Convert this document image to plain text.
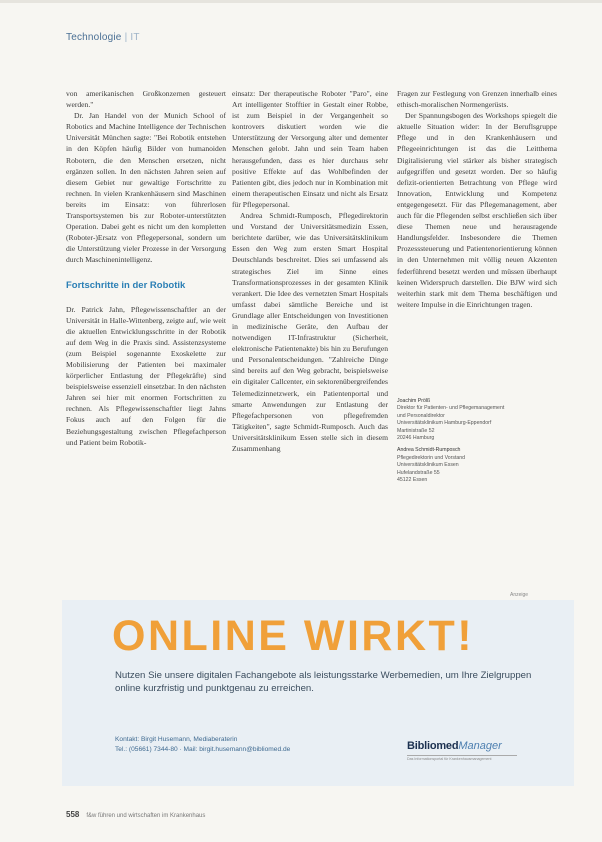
Technologie | IT

von amerikanischen Großkonzernen gesteuert werden."

Dr. Jan Handel von der Munich School of Robotics and Machine Intelligence der Technischen Universität München sagte: "Bei Robotik entstehen in den Köpfen häufig Bilder von humanoiden Robotern, die den Menschen ersetzen, nicht ergänzen sollen. In den nächsten Jahren seien auf diesem Gebiet nur gewaltige Fortschritte zu rechnen. In vielen Krankenhäusern sind Maschinen bereits im Einsatz: von führerlosen Transportsystemen bis zur Roboter-unterstützten Operation. Dabei geht es nicht um den kompletten (Roboter-)Ersatz von Pflegepersonal, sondern um die Unterstützung vieler Prozesse in der Versorgung durch Maschinenintelligenz.

Fortschritte in der Robotik

Dr. Patrick Jahn, Pflegewissenschaftler an der Universität in Halle-Wittenberg, zeigte auf, wie weit die aktuellen Entwicklungsschritte in der Robotik auf dem Weg in die Praxis sind. Assistenzsysteme (zum Beispiel sogenannte Exoskelette zur Mobilisierung der Patienten bei maximaler körperlicher Entlastung der Pflegekräfte) sind beispielsweise essenziell einsetzbar. In den nächsten Jahren sei hier mit enormen Fortschritten zu rechnen. Als Pflegewissenschaftler liegt Jahns Fokus auch auf den Folgen für die Beziehungsgestaltung zwischen Pflegefachperson und Patient beim Robotik-

einsatz: Der therapeutische Roboter "Paro", eine Art intelligenter Stofftier in Gestalt einer Robbe, ist zum Beispiel in der Vergangenheit so kontrovers diskutiert worden wie die Unterstützung der Versorgung alter und dementer Menschen gelobt. Jahn und sein Team haben herausgefunden, dass es hier durchaus sehr positive Effekte auf das Wohlbefinden der Patienten gibt, dies jedoch nur in Kombination mit einem therapeutischen Einsatz und nicht als Ersatz für Pflegepersonal.

Andrea Schmidt-Rumposch, Pflegedirektorin und Vorstand der Universitätsmedizin Essen, berichtete darüber, wie das Universitätsklinikum Essen den Weg zum ersten Smart Hospital Deutschlands beschreitet. Dies sei umfassend als strategisches Ziel im Sinne eines Transformationsprozesses in der gesamten Klinik verankert. Die Idee des vernetzten Smart Hospitals umfasst dabei sämtliche Bereiche und ist Grundlage aller Entscheidungen von Investitionen in medizinische Geräte, den Aufbau der notwendigen IT-Infrastruktur (Sicherheit, elektronische Patientenakte) bis hin zu Berufungen und Personalentscheidungen. "Zahlreiche Dinge sind bereits auf den Weg gebracht, beispielsweise ein digitaler Callcenter, ein sektorenübergreifendes Telemedizinnetzwerk, ein Patientenportal und smarte Anwendungen zur Entlastung der Pflegefachpersonen von pflegefremden Tätigkeiten", sagte Schmidt-Rumposch. Auch das Universitätsklinikum Essen stelle sich in diesem Zusammenhang

Fragen zur Festlegung von Grenzen innerhalb eines ethisch-moralischen Normengerüsts.

Der Spannungsbogen des Workshops spiegelt die aktuelle Situation wider: In der Beruflsgruppe Pflege und in den Krankenhäusern und Pflegeeinrichtungen ist das die Leitthema Digitalisierung viel stärker als bisher strategisch aufgegriffen und gesetzt worden. Der so häufig defizit-orientierten Betrachtung von Pflege wird Innovation, Entwicklung und Kompetenz entgegengesetzt. Für das Pflegemanagement, aber auch für die Pflegenden selbst erschließen sich über diese Themen neue und herausragende Handlungsfelder. Insbesondere die Themen Prozesssteuerung und Patientenorientierung können in den Unternehmen mit völlig neuen Akzenten federführend besetzt werden und müssen überhaupt keinen Widerspruch darstellen. Die BJW wird sich weiterhin stark mit dem Thema beschäftigen und weitere Impulse in die Einrichtungen tragen.

Joachim Prölß
Direktor für Patienten- und Pflegemanagement
und Personaldirektor
Universitätsklinikum Hamburg-Eppendorf
Martinistraße 52
20246 Hamburg
Andrea Schmidt-Rumposch
Pflegedirektorin und Vorstand
Universitätsklinikum Essen
Hufelandstraße 55
45122 Essen
Anzeige
ONLINE WIRKT!
Nutzen Sie unsere digitalen Fachangebote als leistungsstarke Werbemedien, um Ihre Zielgruppen online kurzfristig und punktgenau zu erreichen.
Kontakt: Birgit Husemann, Mediaberaterin
Tel.: (05661) 7344-80 · Mail: birgit.husemann@bibliomed.de	BibliomedManager
Das Informationsportal für Krankenhausmanagement
558 f&w führen und wirtschaften im Krankenhaus
